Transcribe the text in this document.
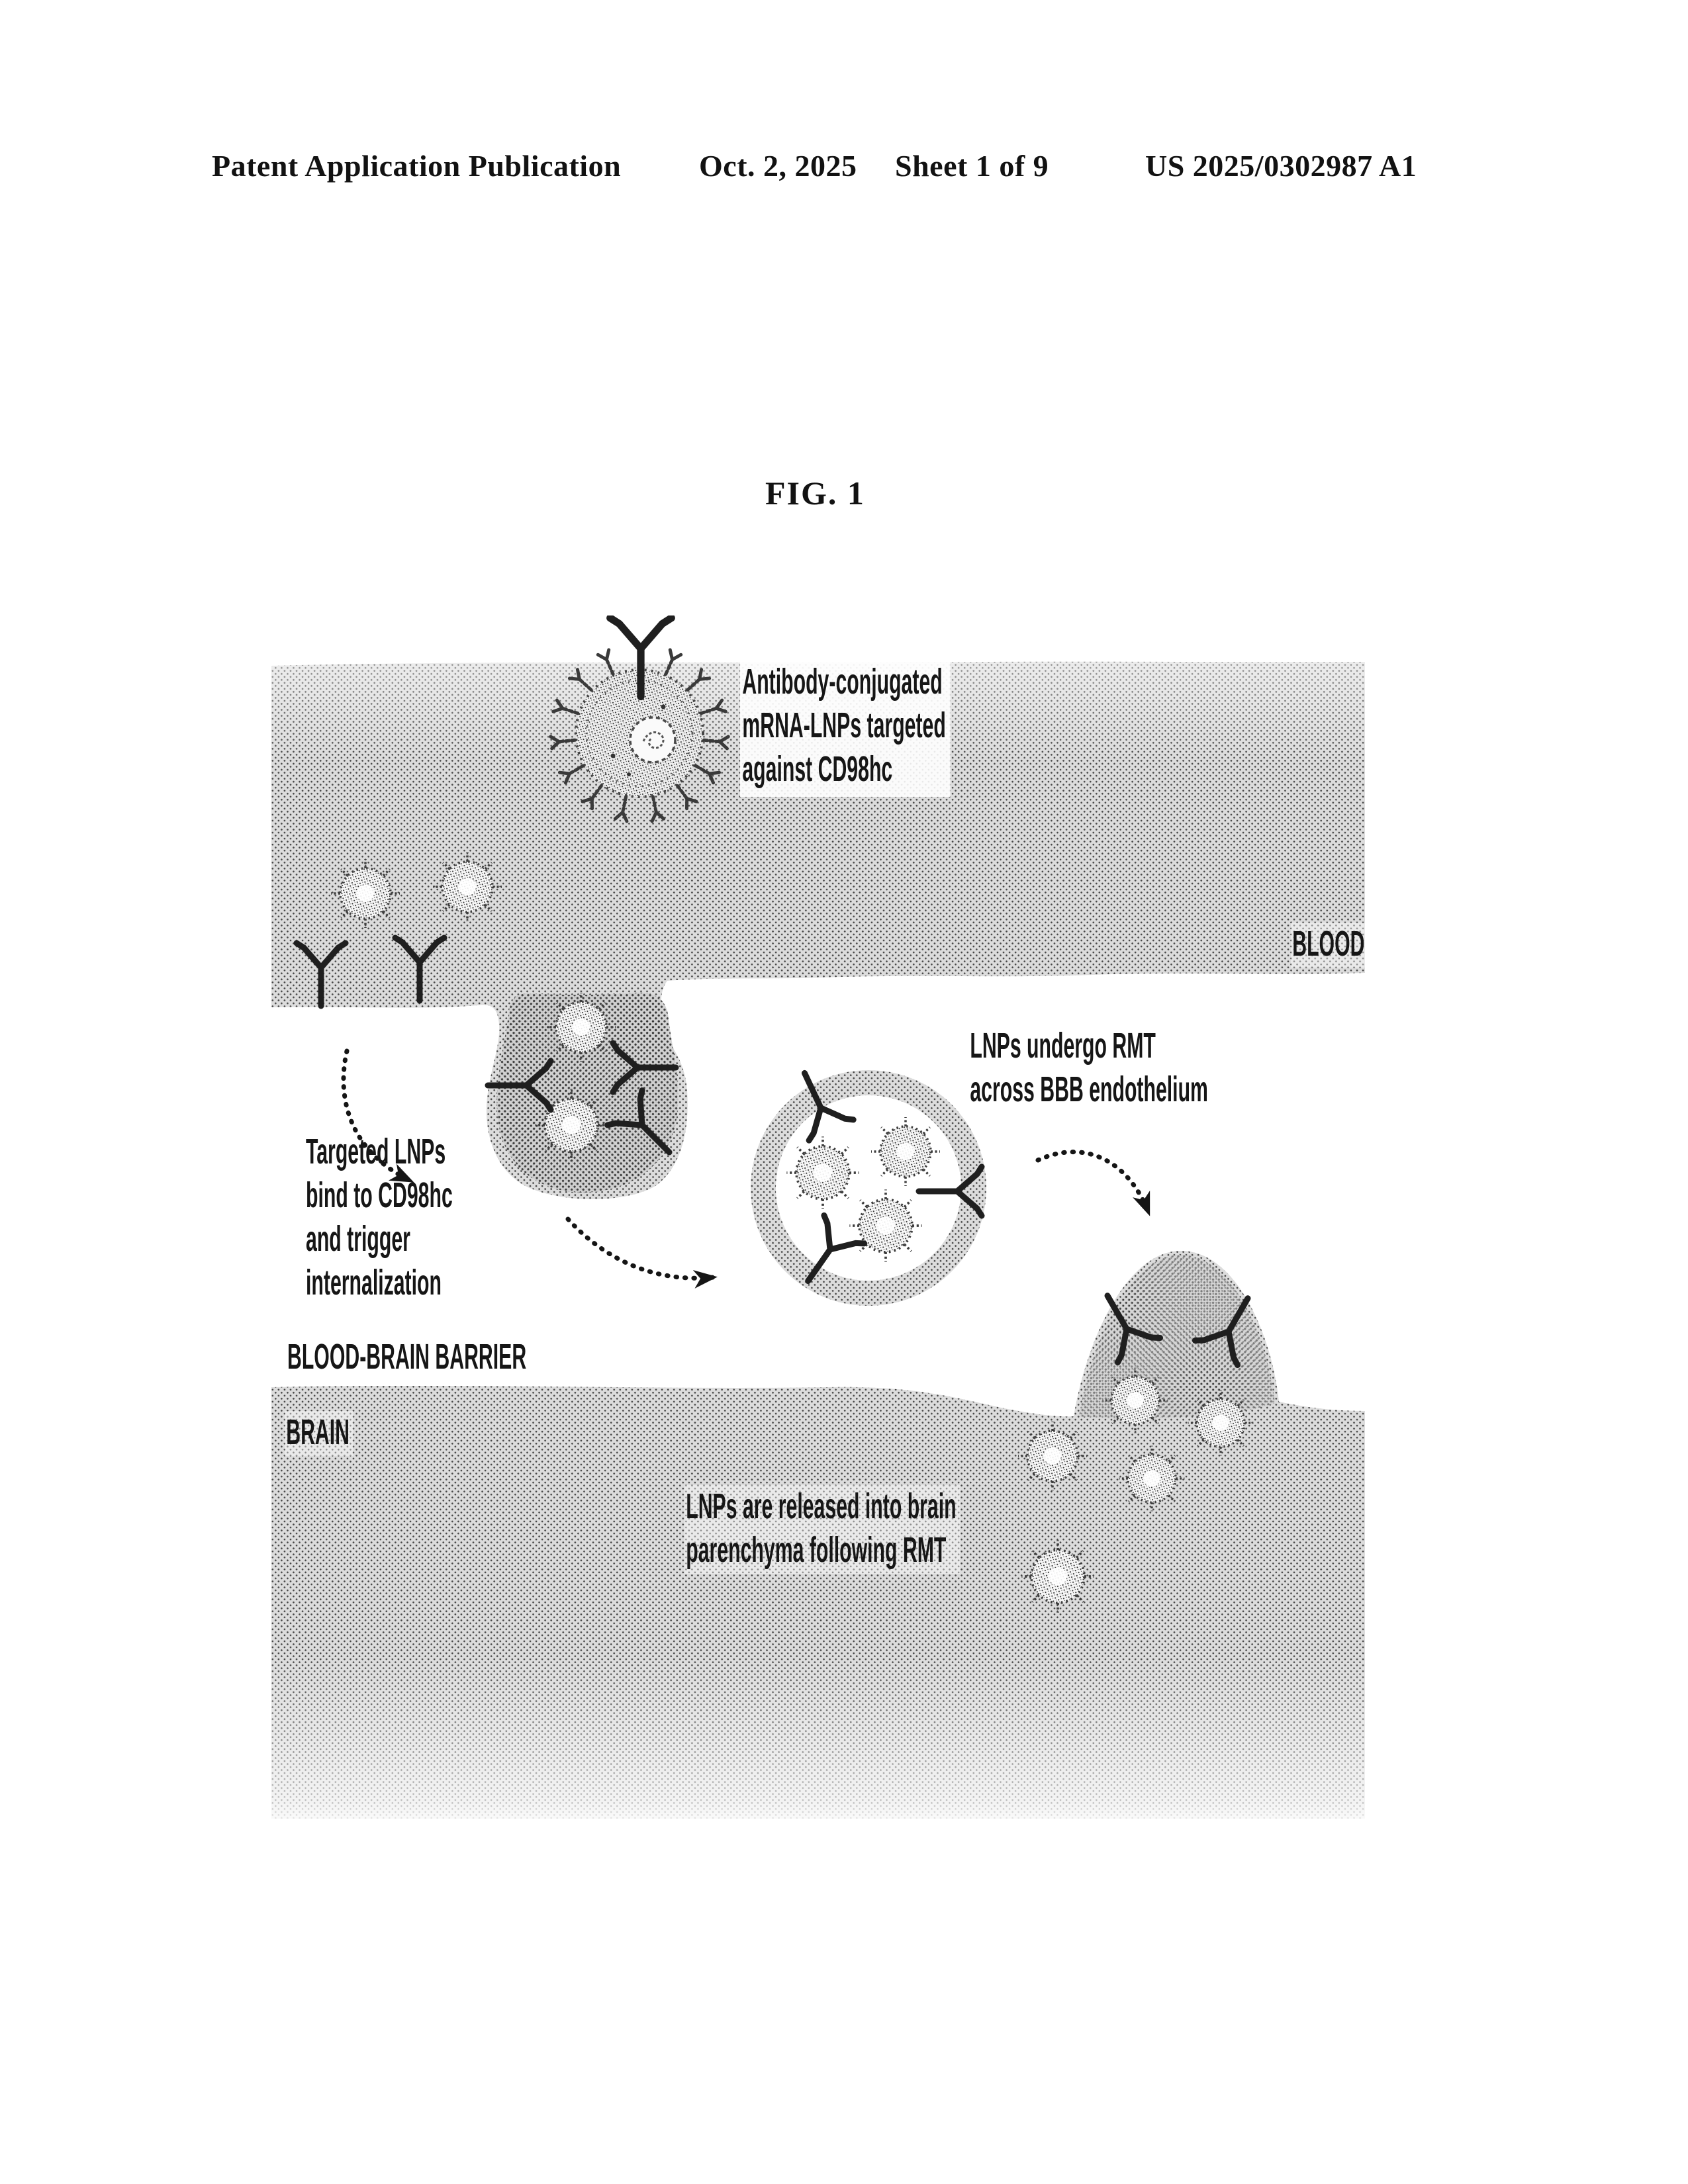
Patent Application Publication	Oct. 2, 2025 Sheet 1 of 9	US 2025/0302987 A1
FIG. 1
Antibody-conjugated
mRNA-LNPs targeted
against CD98hc
BLOOD
LNPs undergo RMT
across BBB endothelium
Targeted LNPs
bind to CD98hc
and trigger
internalization
BLOOD-BRAIN BARRIER
BRAIN
LNPs are released into brain
parenchyma following RMT
